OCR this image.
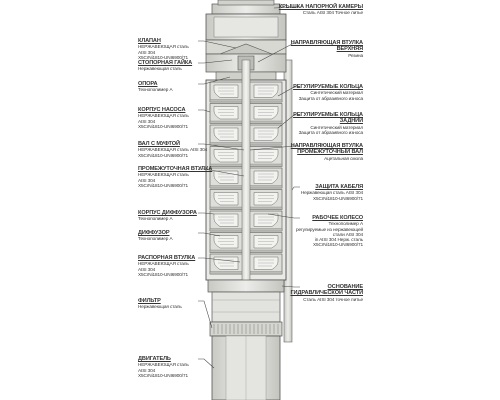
КЛАПАН
НЕРЖАВЕЮЩАЯ сталь
AISI 304
X5CrNi1810-UNI6900/71
СТОПОРНАЯ ГАЙКА
Нержавеющая сталь
ОПОРА
Технополимер А
КОРПУС НАСОСА
НЕРЖАВЕЮЩАЯ сталь
AISI 304
X5CrNi1810-UNI6900/71
ВАЛ С МУФТОЙ
НЕРЖАВЕЮЩАЯ сталь AISI 304
X5CrNi1810-UNI6900/71
ПРОМЕЖУТОЧНАЯ ВТУЛКА
НЕРЖАВЕЮЩАЯ сталь
AISI 304
X5CrNi1810-UNI6900/71
КОРПУС ДИФФУЗОРА
Технополимер А
ДИФФУЗОР
Технополимер А
РАСПОРНАЯ ВТУЛКА
НЕРЖАВЕЮЩАЯ сталь
AISI 304
X5CrNi1810-UNI6900/71
ФИЛЬТР
Нержавеющая сталь
ДВИГАТЕЛЬ
НЕРЖАВЕЮЩАЯ сталь
AISI 304
X5CrNi1810-UNI6900/71
КРЫШКА НАПОРНОЙ КАМЕРЫ
Сталь AISI 304 Точное литье
НАПРАВЛЯЮЩАЯ ВТУЛКА
ВЕРХНЯЯ
Резина
РЕГУЛИРУЕМЫЕ КОЛЬЦА
Синтетический материал
Защита от абразивного износа
РЕГУЛИРУЕМЫЕ КОЛЬЦА
ЗАДНИЙ
Синтетический материал
Защита от абразивного износа
НАПРАВЛЯЮЩАЯ ВТУЛКА
ПРОМЕЖУТОЧНЫЙ ВАЛ
Ацетальная смола
ЗАЩИТА КАБЕЛЯ
Нержавеющая сталь AISI 304
X5CrNi1810-UNI6900/71
РАБОЧЕЕ КОЛЕСО
Технополимер А
регулируемые из нержавеющей
стали AISI 304
in AISI 304 Нерж. сталь
X5CrNi1810-UNI6900/71
ОСНОВАНИЕ
ГИДРАВЛИЧЕСКОЙ ЧАСТИ
Сталь AISI 304 точное литье
